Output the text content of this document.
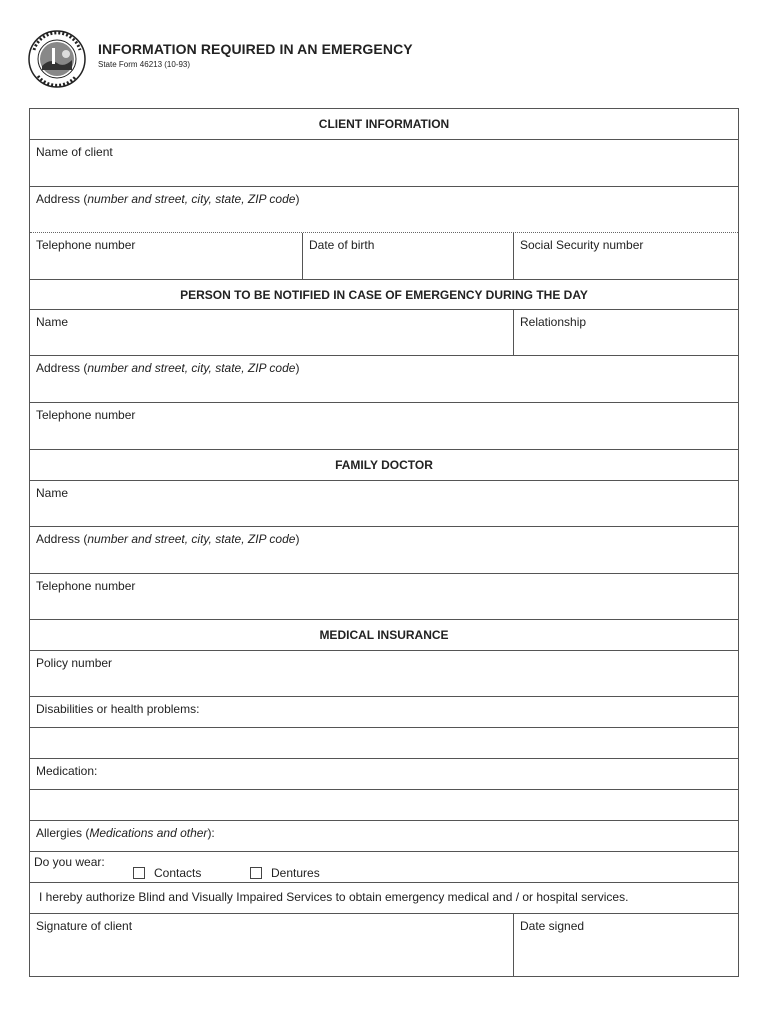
INFORMATION REQUIRED IN AN EMERGENCY
State Form 46213 (10-93)
CLIENT INFORMATION
Name of client
Address (number and street, city, state, ZIP code)
Telephone number	Date of birth	Social Security number
PERSON TO BE NOTIFIED IN CASE OF EMERGENCY DURING THE DAY
Name	Relationship
Address (number and street, city, state, ZIP code)
Telephone number
FAMILY DOCTOR
Name
Address (number and street, city, state, ZIP code)
Telephone number
MEDICAL INSURANCE
Policy number
Disabilities or health problems:
Medication:
Allergies (Medications and other):
Do you wear:
Contacts	Dentures
I hereby authorize Blind and Visually Impaired Services to obtain emergency medical and / or hospital services.
Signature of client	Date signed
